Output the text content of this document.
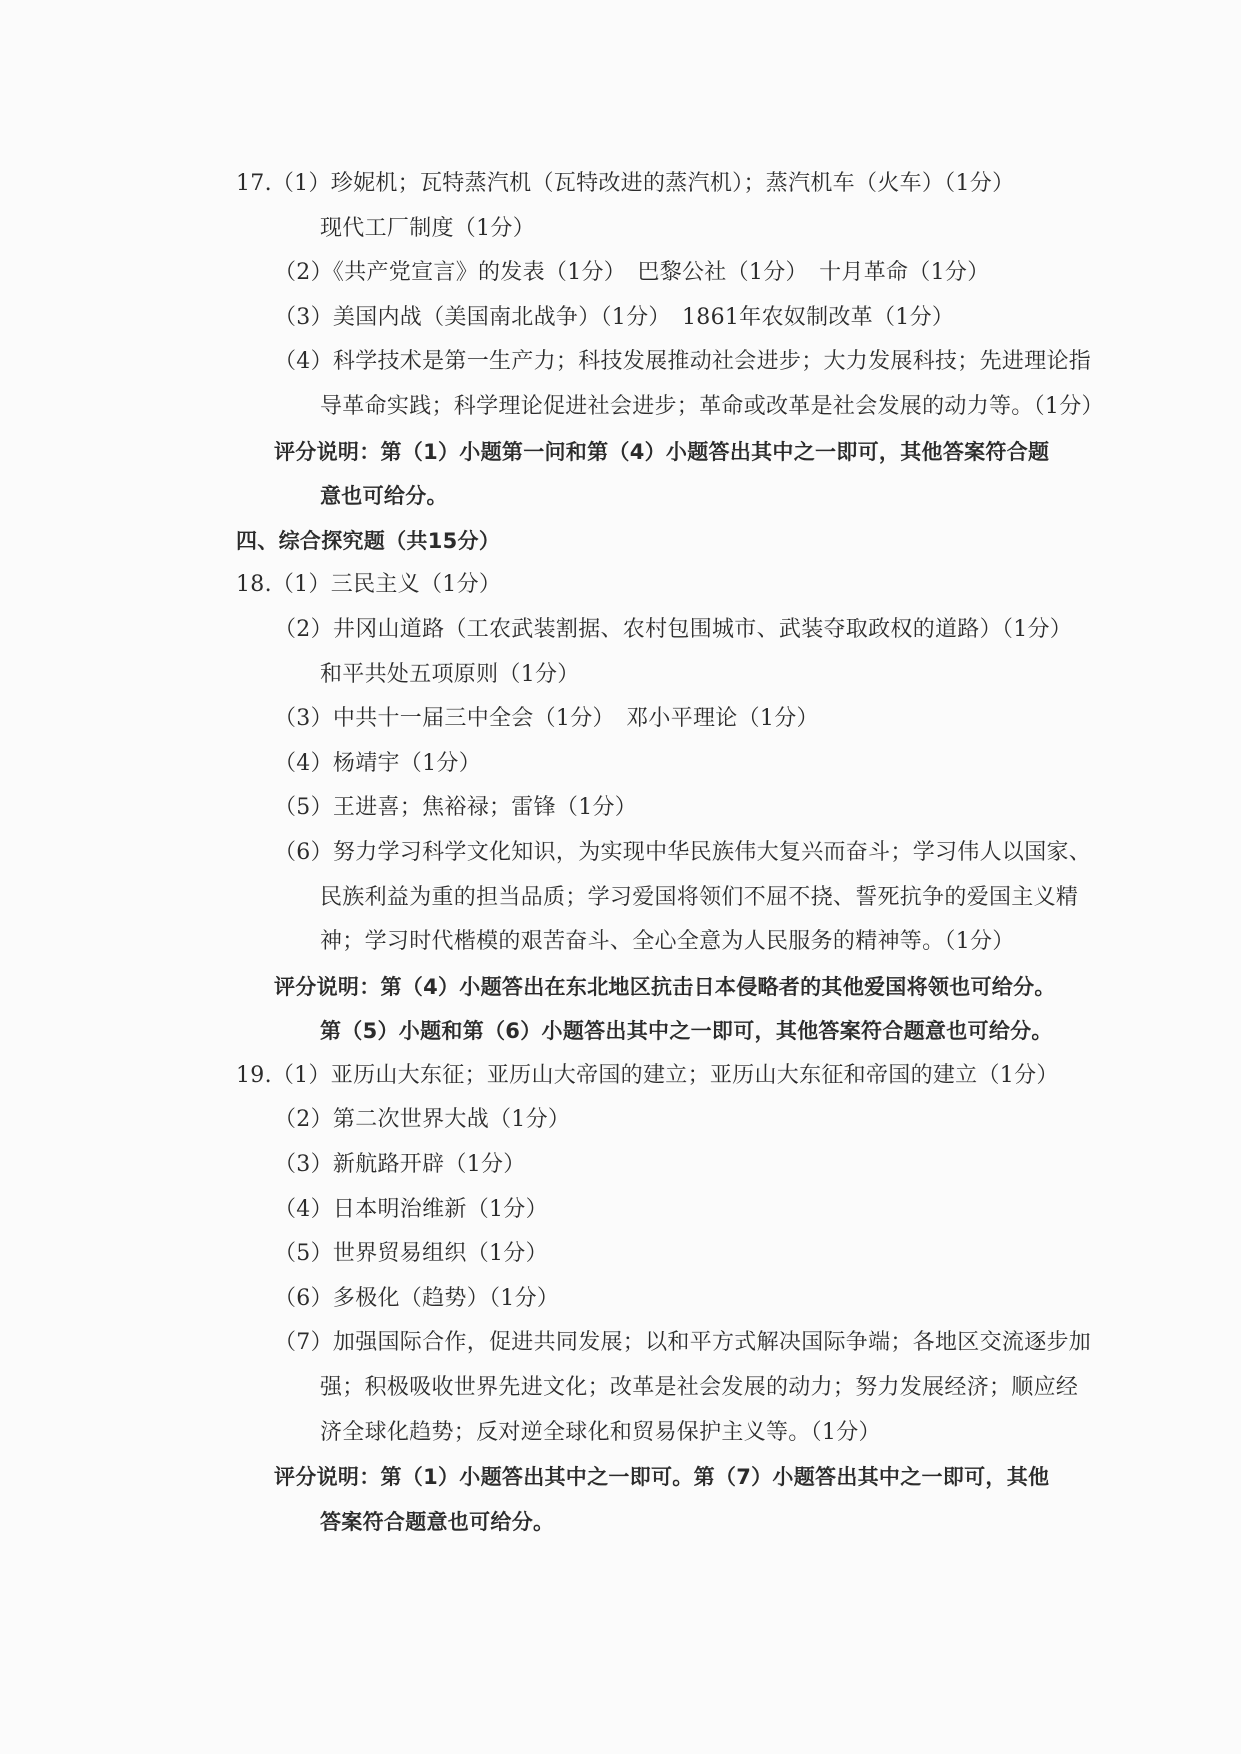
17.（1）珍妮机；瓦特蒸汽机（瓦特改进的蒸汽机）；蒸汽机车（火车）（1分）
现代工厂制度（1分）
（2）《共产党宣言》的发表（1分）　巴黎公社（1分）　十月革命（1分）
（3）美国内战（美国南北战争）（1分）　1861年农奴制改革（1分）
（4）科学技术是第一生产力；科技发展推动社会进步；大力发展科技；先进理论指
导革命实践；科学理论促进社会进步；革命或改革是社会发展的动力等。（1分）
评分说明：第（1）小题第一问和第（4）小题答出其中之一即可，其他答案符合题
意也可给分。
四、综合探究题（共15分）
18.（1）三民主义（1分）
（2）井冈山道路（工农武装割据、农村包围城市、武装夺取政权的道路）（1分）
和平共处五项原则（1分）
（3）中共十一届三中全会（1分）　邓小平理论（1分）
（4）杨靖宇（1分）
（5）王进喜；焦裕禄；雷锋（1分）
（6）努力学习科学文化知识，为实现中华民族伟大复兴而奋斗；学习伟人以国家、
民族利益为重的担当品质；学习爱国将领们不屈不挠、誓死抗争的爱国主义精
神；学习时代楷模的艰苦奋斗、全心全意为人民服务的精神等。（1分）
评分说明：第（4）小题答出在东北地区抗击日本侵略者的其他爱国将领也可给分。
第（5）小题和第（6）小题答出其中之一即可，其他答案符合题意也可给分。
19.（1）亚历山大东征；亚历山大帝国的建立；亚历山大东征和帝国的建立（1分）
（2）第二次世界大战（1分）
（3）新航路开辟（1分）
（4）日本明治维新（1分）
（5）世界贸易组织（1分）
（6）多极化（趋势）（1分）
（7）加强国际合作，促进共同发展；以和平方式解决国际争端；各地区交流逐步加
强；积极吸收世界先进文化；改革是社会发展的动力；努力发展经济；顺应经
济全球化趋势；反对逆全球化和贸易保护主义等。（1分）
评分说明：第（1）小题答出其中之一即可。第（7）小题答出其中之一即可，其他
答案符合题意也可给分。
